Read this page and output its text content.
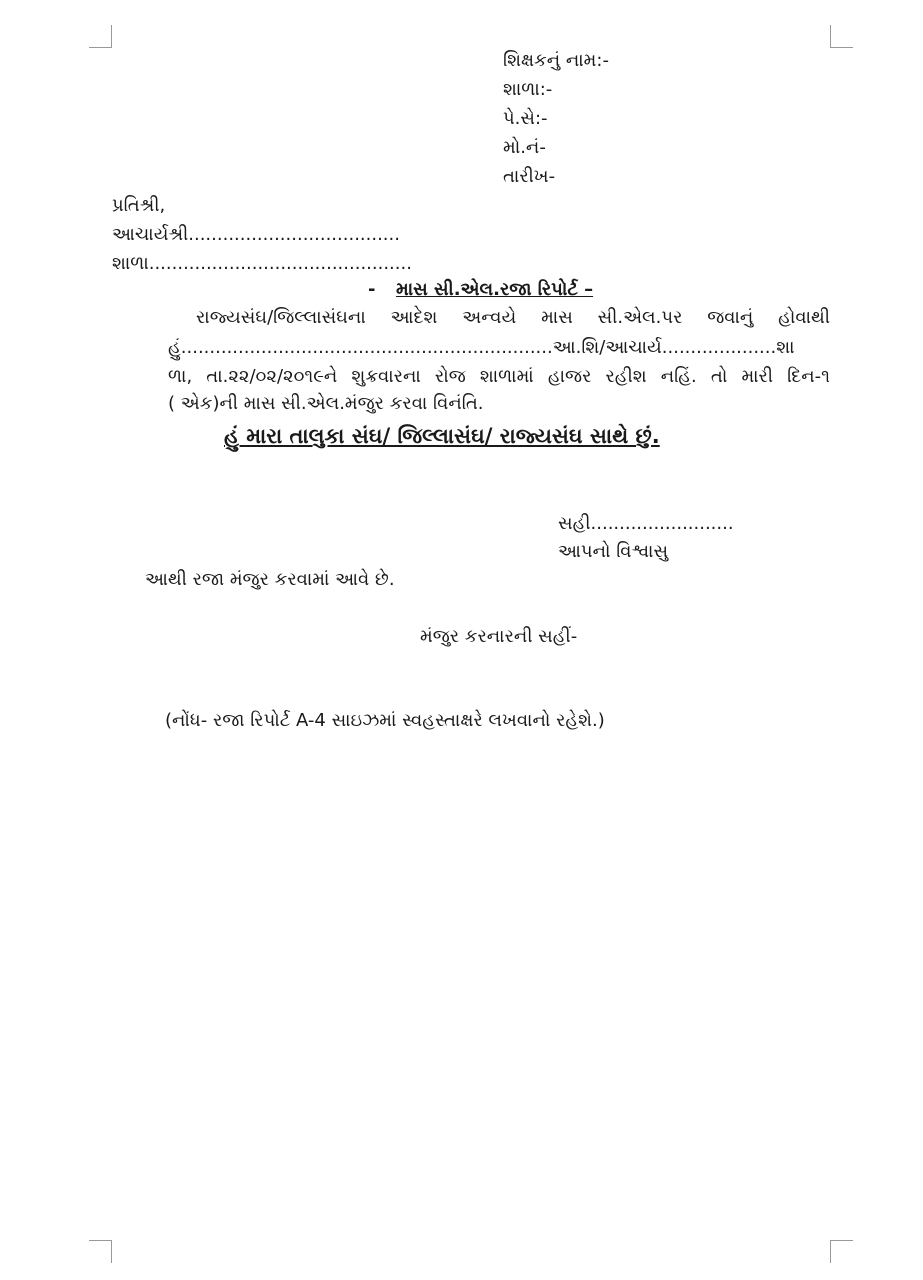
શિક્ષકનું નામ:-
શાળા:-
પે.સે:-
મો.નં-
તારીખ-
પ્રતિશ્રી,
આચાર્યશ્રી.....................................
શાળા..............................................
- માસ સી.એલ.રજા રિપોર્ટ –
રાજ્યસંઘ/જિલ્લાસંઘના આદેશ અન્વયે માસ સી.એલ.પર જવાનું હોવાથી
હું.................................................................આ.શિ/આચાર્ય....................શા
ળા, તા.૨૨/૦૨/૨૦૧૯ને શુક્રવારના રોજ શાળામાં હાજર રહીશ નહિં. તો મારી દિન-૧
( એક)ની માસ સી.એલ.મંજુર કરવા વિનંતિ.
હું મારા તાલુકા સંઘ/ જિલ્લાસંઘ/ રાજ્યસંઘ સાથે છું.
સહી.........................
આપનો વિશ્વાસુ
આથી રજા મંજુર કરવામાં આવે છે.
મંજુર કરનારની સહીં-
(નોંધ- રજા રિપોર્ટ A-4 સાઇઝમાં સ્વહસ્તાક્ષરે લખવાનો રહેશે.)
